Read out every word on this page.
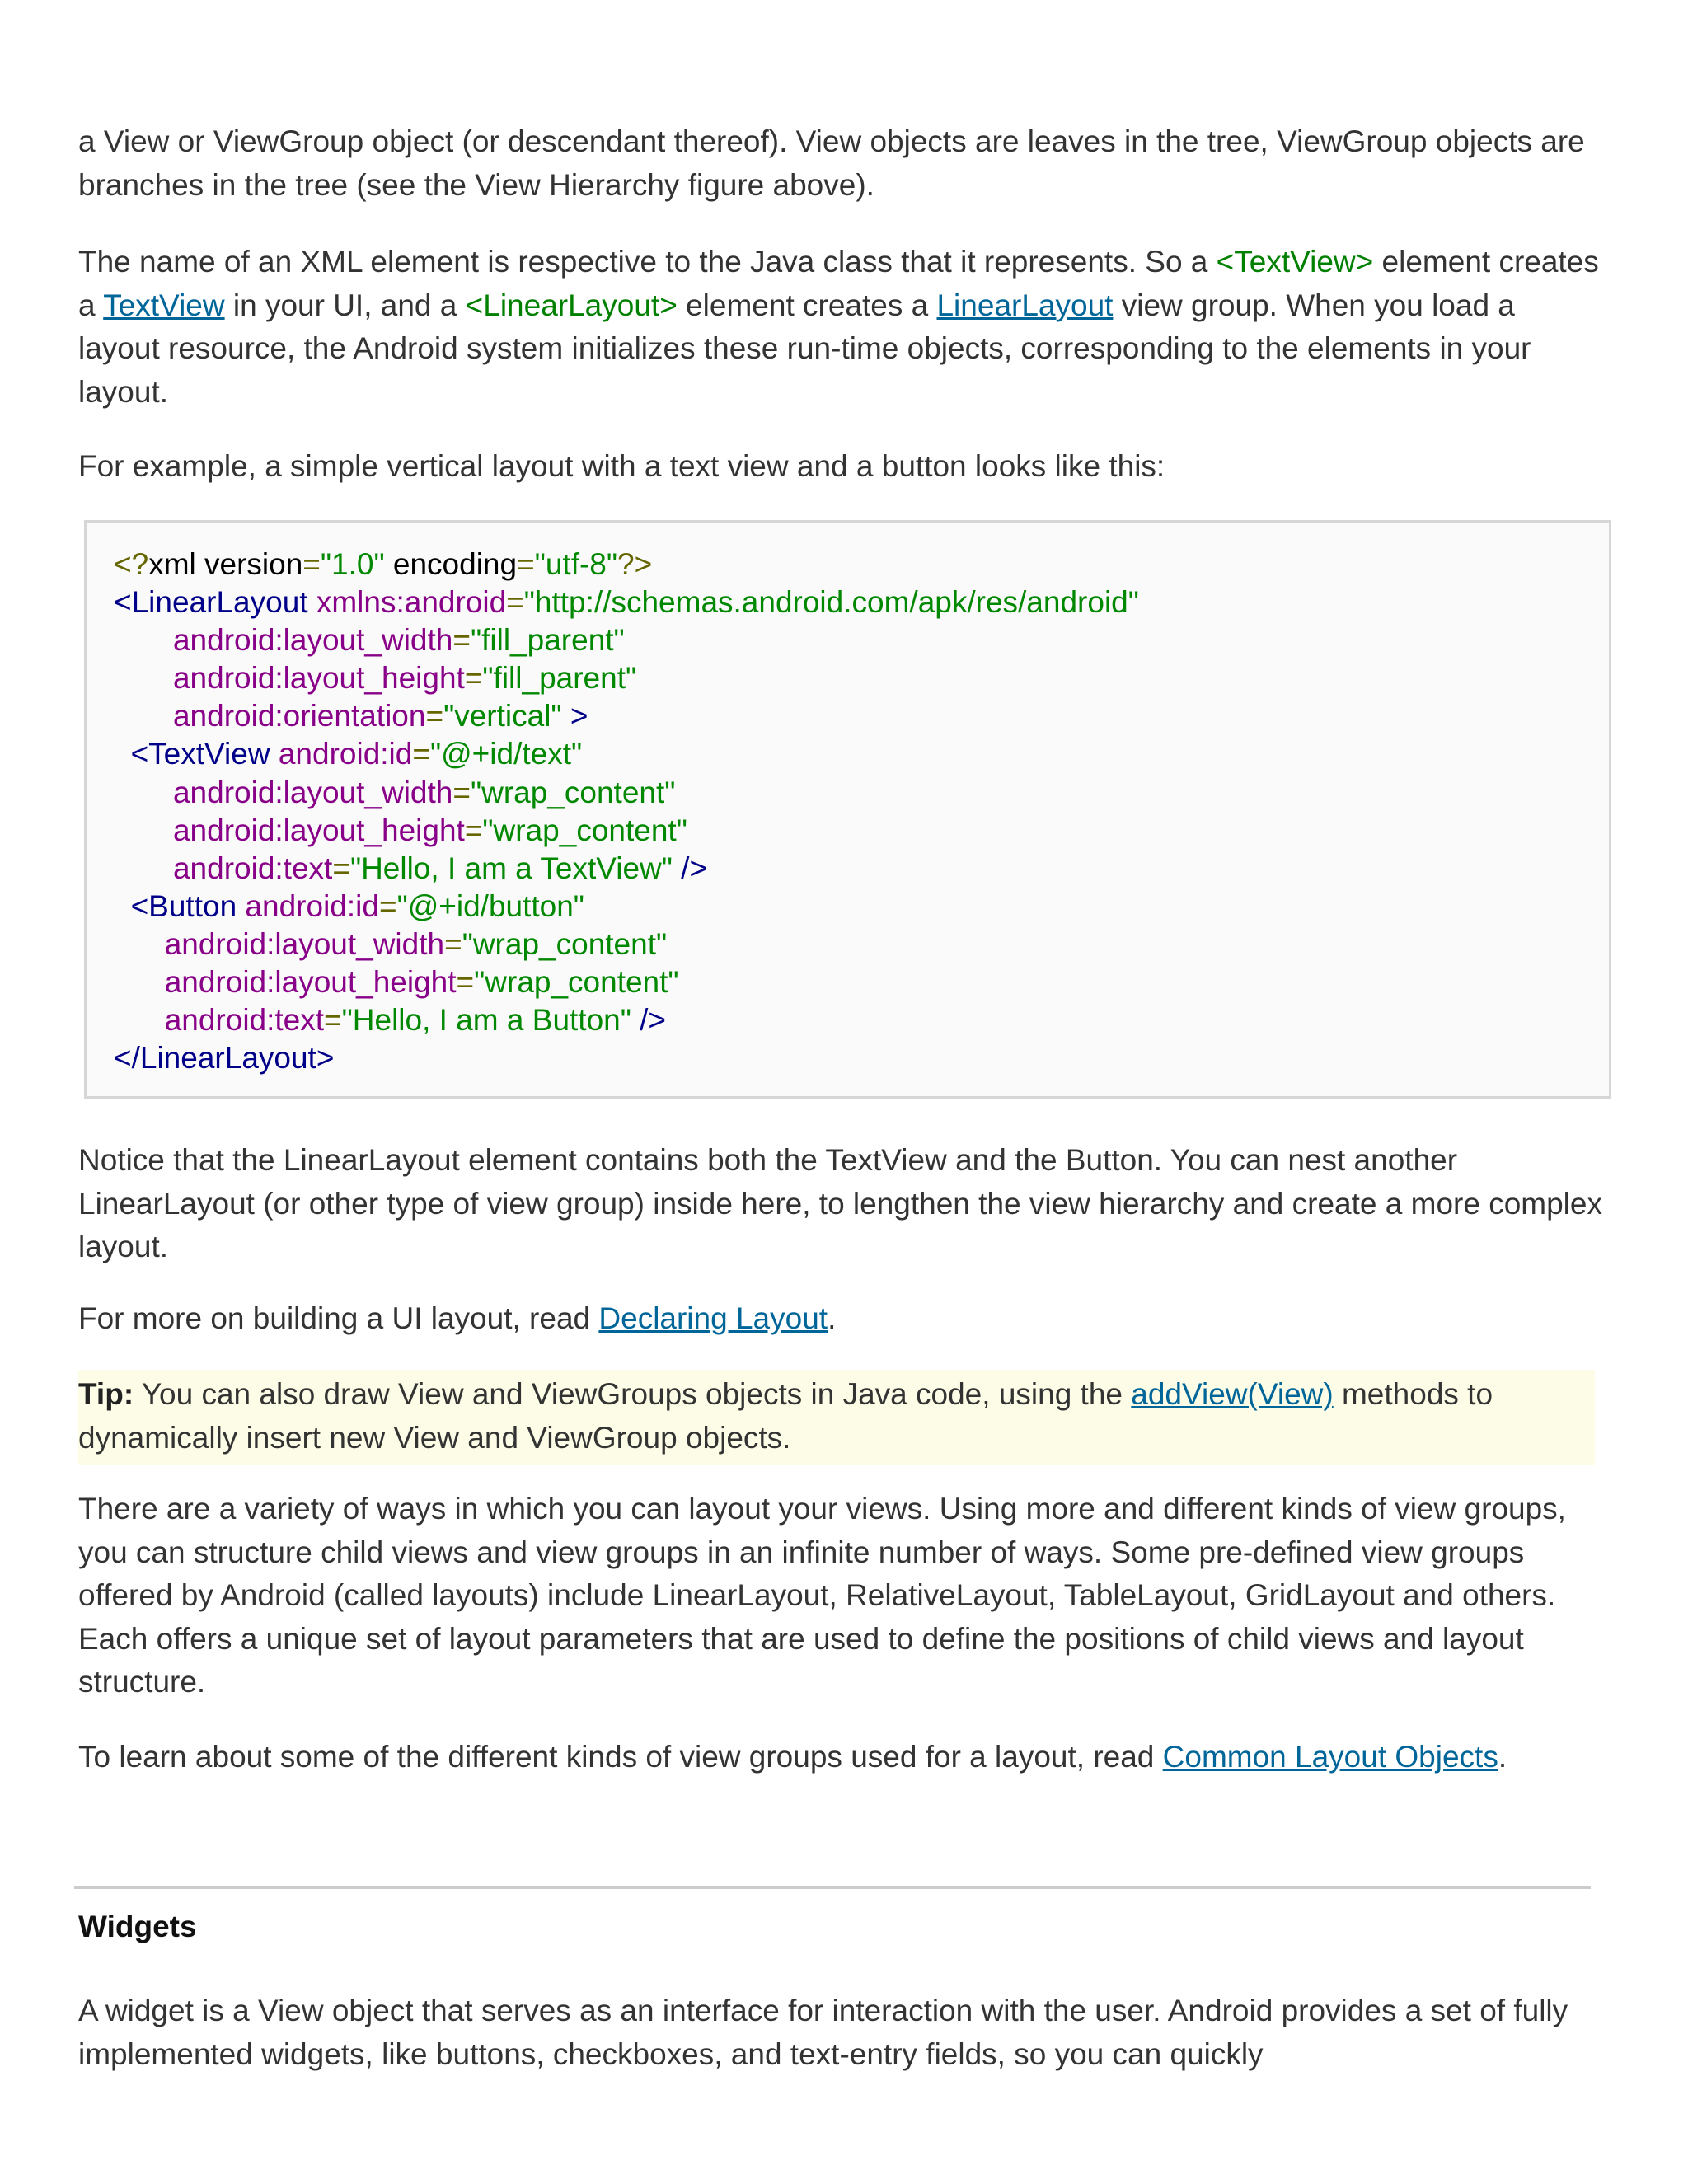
a View or ViewGroup object (or descendant thereof). View objects are leaves in the tree, ViewGroup objects are branches in the tree (see the View Hierarchy figure above).

The name of an XML element is respective to the Java class that it represents. So a <TextView> element creates a TextView in your UI, and a <LinearLayout> element creates a LinearLayout view group. When you load a layout resource, the Android system initializes these run-time objects, corresponding to the elements in your layout.

For example, a simple vertical layout with a text view and a button looks like this:

<?xml version="1.0" encoding="utf-8"?>
<LinearLayout xmlns:android="http://schemas.android.com/apk/res/android"
android:layout_width="fill_parent"
android:layout_height="fill_parent"
android:orientation="vertical" >
<TextView android:id="@+id/text"
android:layout_width="wrap_content"
android:layout_height="wrap_content"
android:text="Hello, I am a TextView" />
<Button android:id="@+id/button"
android:layout_width="wrap_content"
android:layout_height="wrap_content"
android:text="Hello, I am a Button" />
</LinearLayout>

Notice that the LinearLayout element contains both the TextView and the Button. You can nest another LinearLayout (or other type of view group) inside here, to lengthen the view hierarchy and create a more complex layout.

For more on building a UI layout, read Declaring Layout.

Tip: You can also draw View and ViewGroups objects in Java code, using the addView(View) methods to dynamically insert new View and ViewGroup objects.

There are a variety of ways in which you can layout your views. Using more and different kinds of view groups, you can structure child views and view groups in an infinite number of ways. Some pre-defined view groups offered by Android (called layouts) include LinearLayout, RelativeLayout, TableLayout, GridLayout and others. Each offers a unique set of layout parameters that are used to define the positions of child views and layout structure.

To learn about some of the different kinds of view groups used for a layout, read Common Layout Objects.

Widgets

A widget is a View object that serves as an interface for interaction with the user. Android provides a set of fully implemented widgets, like buttons, checkboxes, and text-entry fields, so you can quickly
